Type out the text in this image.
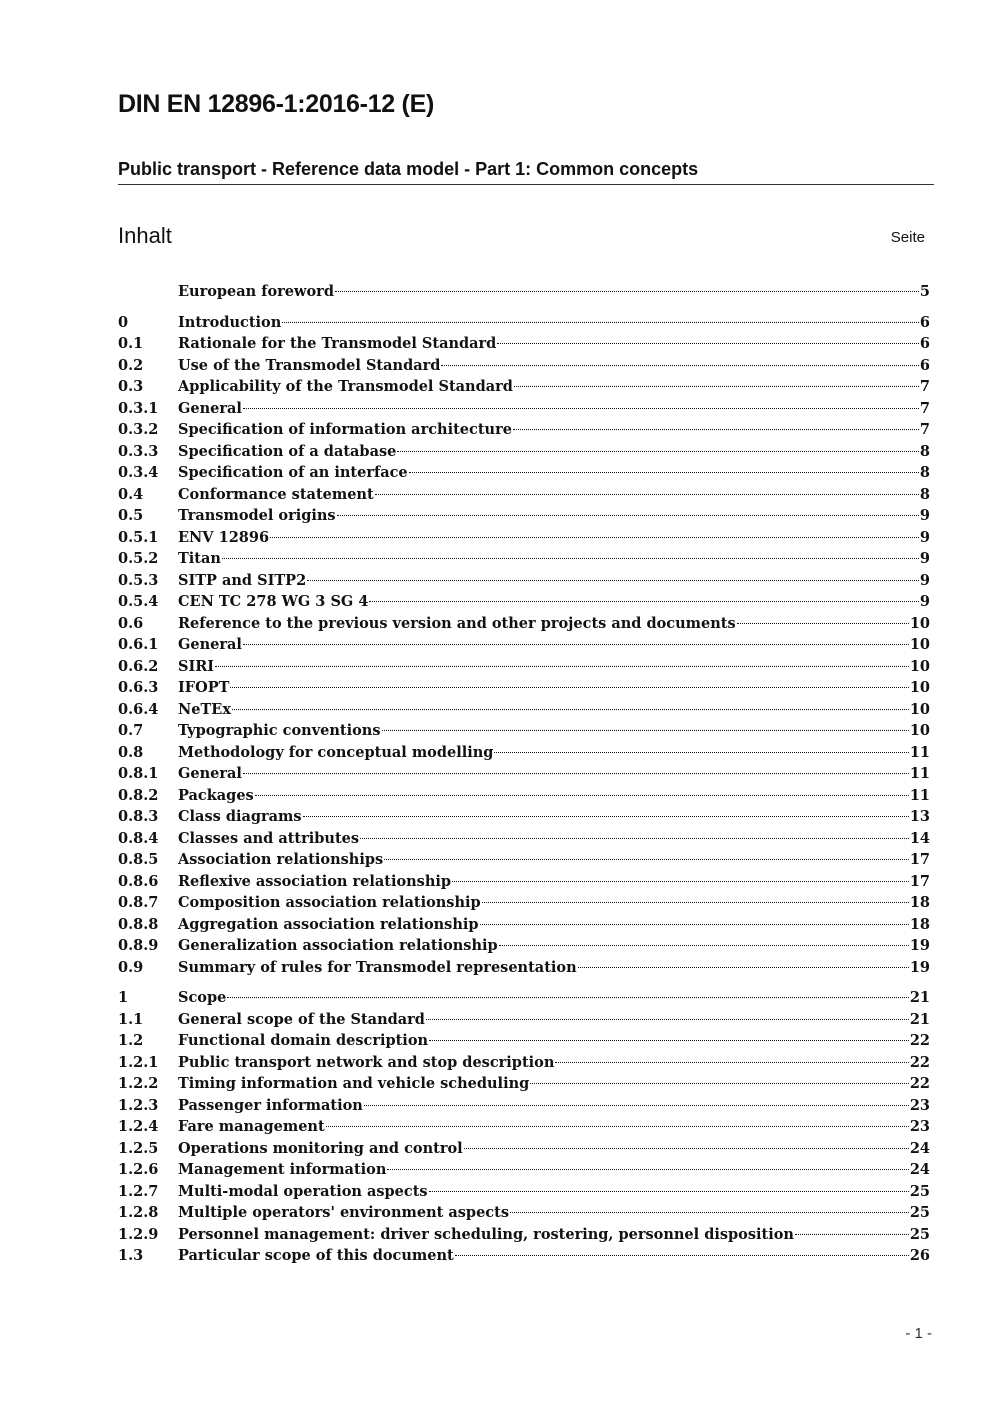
DIN EN 12896-1:2016-12 (E)
Public transport - Reference data model - Part 1: Common concepts
Inhalt	Seite
European foreword	5
0	Introduction	6
0.1	Rationale for the Transmodel Standard	6
0.2	Use of the Transmodel Standard	6
0.3	Applicability of the Transmodel Standard	7
0.3.1	General	7
0.3.2	Specification of information architecture	7
0.3.3	Specification of a database	8
0.3.4	Specification of an interface	8
0.4	Conformance statement	8
0.5	Transmodel origins	9
0.5.1	ENV 12896	9
0.5.2	Titan	9
0.5.3	SITP and SITP2	9
0.5.4	CEN TC 278 WG 3 SG 4	9
0.6	Reference to the previous version and other projects and documents	10
0.6.1	General	10
0.6.2	SIRI	10
0.6.3	IFOPT	10
0.6.4	NeTEx	10
0.7	Typographic conventions	10
0.8	Methodology for conceptual modelling	11
0.8.1	General	11
0.8.2	Packages	11
0.8.3	Class diagrams	13
0.8.4	Classes and attributes	14
0.8.5	Association relationships	17
0.8.6	Reflexive association relationship	17
0.8.7	Composition association relationship	18
0.8.8	Aggregation association relationship	18
0.8.9	Generalization association relationship	19
0.9	Summary of rules for Transmodel representation	19
1	Scope	21
1.1	General scope of the Standard	21
1.2	Functional domain description	22
1.2.1	Public transport network and stop description	22
1.2.2	Timing information and vehicle scheduling	22
1.2.3	Passenger information	23
1.2.4	Fare management	23
1.2.5	Operations monitoring and control	24
1.2.6	Management information	24
1.2.7	Multi-modal operation aspects	25
1.2.8	Multiple operators' environment aspects	25
1.2.9	Personnel management: driver scheduling, rostering, personnel disposition	25
1.3	Particular scope of this document	26
- 1 -
